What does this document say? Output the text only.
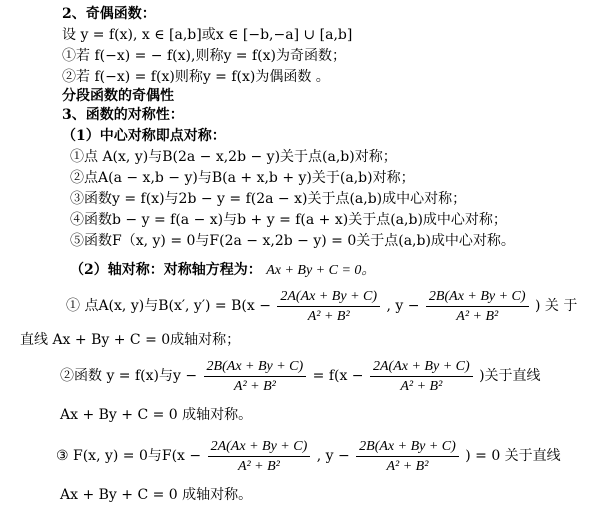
2、奇偶函数：
设 y = f(x), x ∈ [a,b]或x ∈ [−b,−a] ∪ [a,b]
①若 f(−x) = − f(x),则称y = f(x)为奇函数；
②若 f(−x) = f(x)则称y = f(x)为偶函数 。
分段函数的奇偶性
3、函数的对称性：
（1）中心对称即点对称：
①点 A(x, y)与B(2a − x,2b − y)关于点(a,b)对称；
②点A(a − x,b − y)与B(a + x,b + y)关于(a,b)对称；
③函数y = f(x)与2b − y = f(2a − x)关于点(a,b)成中心对称；
④函数b − y = f(a − x)与b + y = f(a + x)关于点(a,b)成中心对称；
⑤函数F（x, y) = 0与F(2a − x,2b − y) = 0关于点(a,b)成中心对称。
（2）轴对称：对称轴方程为： Ax + By + C = 0。
① 点A(x, y)与B(x′, $y') = B(x - \frac{2A(Ax + By + C)}{\text{A² + B²}}$ , $y - \frac{2B(Ax + By + C)}{\text{A² + B²}}$ ) 关 于
直线 Ax + By + C = 0成轴对称；
②函数 y = f(x)与$y - \frac{2B(Ax + By + C)}{\text{A² + B²}} = f(x - \frac{2A(Ax + By + C)}{\text{A² + B²}}$ )关于直线
Ax + By + C = 0 成轴对称。
③ F(x, y) = 0与$F(x - \frac{2A(Ax + By + C)}{\text{A² + B²}}$ , $y - \frac{2B(Ax + By + C)}{\text{A² + B²}}$ ) = 0 关于直线
Ax + By + C = 0 成轴对称。
